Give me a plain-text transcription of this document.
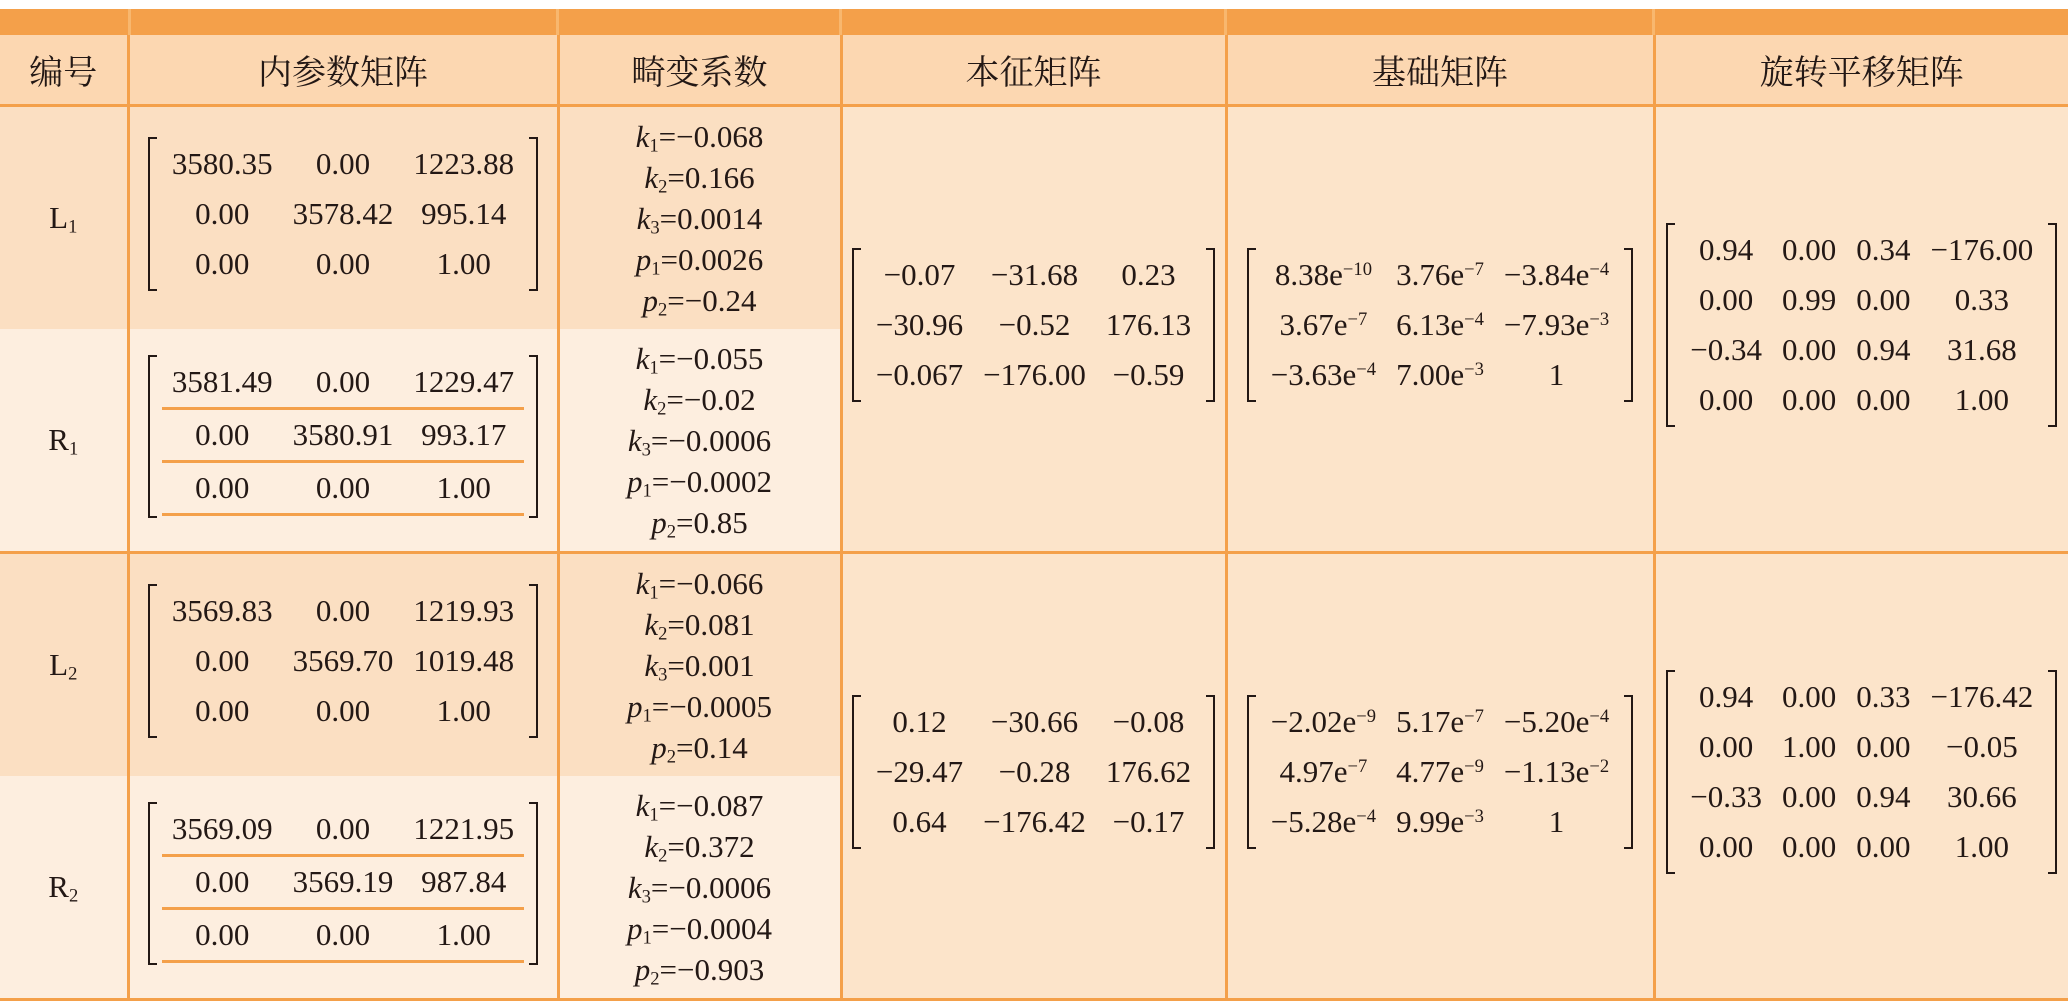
编号	内参数矩阵	畸变系数	本征矩阵	基础矩阵	旋转平移矩阵
$L_1$	
3580.35	0.00	1223.88
0.00	3578.42	995.14
0.00	0.00	1.00

$k_1=-0.068$
$k_2=0.166$
$k_3=0.0014$
$p_1=0.0026$
$p_2=-0.24$

−0.07	−31.68	0.23
−30.96	−0.52	176.13
−0.067	−176.00	−0.59

$8.38e^{-10}$	$3.76e^{-7}$	$-3.84e^{-4}$
$3.67e^{-7}$	$6.13e^{-4}$	$-7.93e^{-3}$
$-3.63e^{-4}$	$7.00e^{-3}$	1

0.94	0.00	0.34	−176.00
0.00	0.99	0.00	0.33
−0.34	0.00	0.94	31.68
0.00	0.00	0.00	1.00

$R_1$	
3581.49	0.00	1229.47
0.00	3580.91	993.17
0.00	0.00	1.00

$k_1=-0.055$
$k_2=-0.02$
$k_3=-0.0006$
$p_1=-0.0002$
$p_2=0.85$

$L_2$	
3569.83	0.00	1219.93
0.00	3569.70	1019.48
0.00	0.00	1.00

$k_1=-0.066$
$k_2=0.081$
$k_3=0.001$
$p_1=-0.0005$
$p_2=0.14$

0.12	−30.66	−0.08
−29.47	−0.28	176.62
0.64	−176.42	−0.17

$-2.02e^{-9}$	$5.17e^{-7}$	$-5.20e^{-4}$
$4.97e^{-7}$	$4.77e^{-9}$	$-1.13e^{-2}$
$-5.28e^{-4}$	$9.99e^{-3}$	1

0.94	0.00	0.33	−176.42
0.00	1.00	0.00	−0.05
−0.33	0.00	0.94	30.66
0.00	0.00	0.00	1.00

$R_2$	
3569.09	0.00	1221.95
0.00	3569.19	987.84
0.00	0.00	1.00

$k_1=-0.087$
$k_2=0.372$
$k_3=-0.0006$
$p_1=-0.0004$
$p_2=-0.903$
